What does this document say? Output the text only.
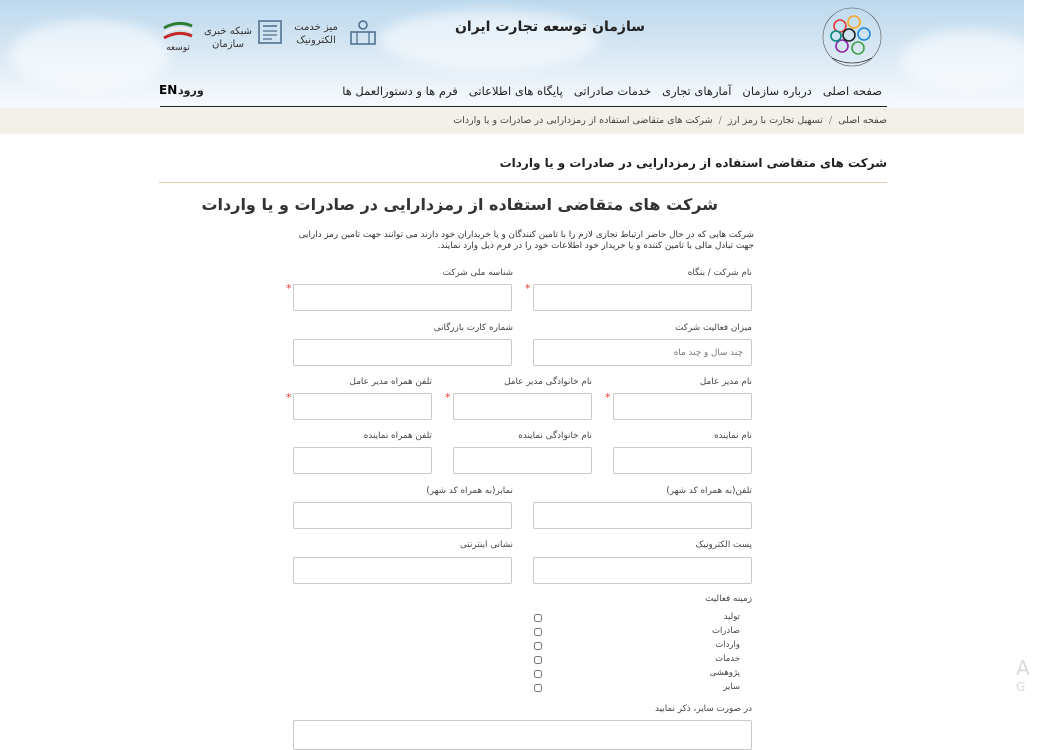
سازمان توسعه تجارت ایران
میز خدمت الکترونیک
شبکه خبری سازمان
توسعه
صفحه اصلی
درباره سازمان
آمارهای تجاری
خدمات صادراتی
پایگاه های اطلاعاتی
فرم ها و دستورالعمل ها
EN ورود
صفحه اصلی
/
تسهیل تجارت با رمز ارز
/
شرکت های متقاضی استفاده از رمزدارایی در صادرات و یا واردات
شرکت های متقاضی استفاده از رمزدارایی در صادرات و یا واردات
شرکت های متقاضی استفاده از رمزدارایی در صادرات و یا واردات
شرکت هایی که در حال حاضر ارتباط تجاری لازم را با تامین کنندگان و یا خریداران خود دارند می توانند جهت تامین رمز دارایی جهت تبادل مالی با تامین کننده و یا خریدار خود اطلاعات خود را در فرم ذیل وارد نمایند.
نام شرکت / بنگاه
*
شناسه ملی شرکت
*
میزان فعالیت شرکت
چند سال و چند ماه
شماره کارت بازرگانی
نام مدیر عامل
*
نام خانوادگی مدیر عامل
*
تلفن همراه مدیر عامل
*
نام نماینده
نام خانوادگی نماینده
تلفن همراه نماینده
تلفن(به همراه کد شهر)
نمابر(به همراه کد شهر)
پست الکترونیک
نشانی اینترنتی
زمینه فعالیت
تولید
صادرات
واردات
خدمات
پژوهشی
سایر
در صورت سایر، ذکر نمایید
A
G
